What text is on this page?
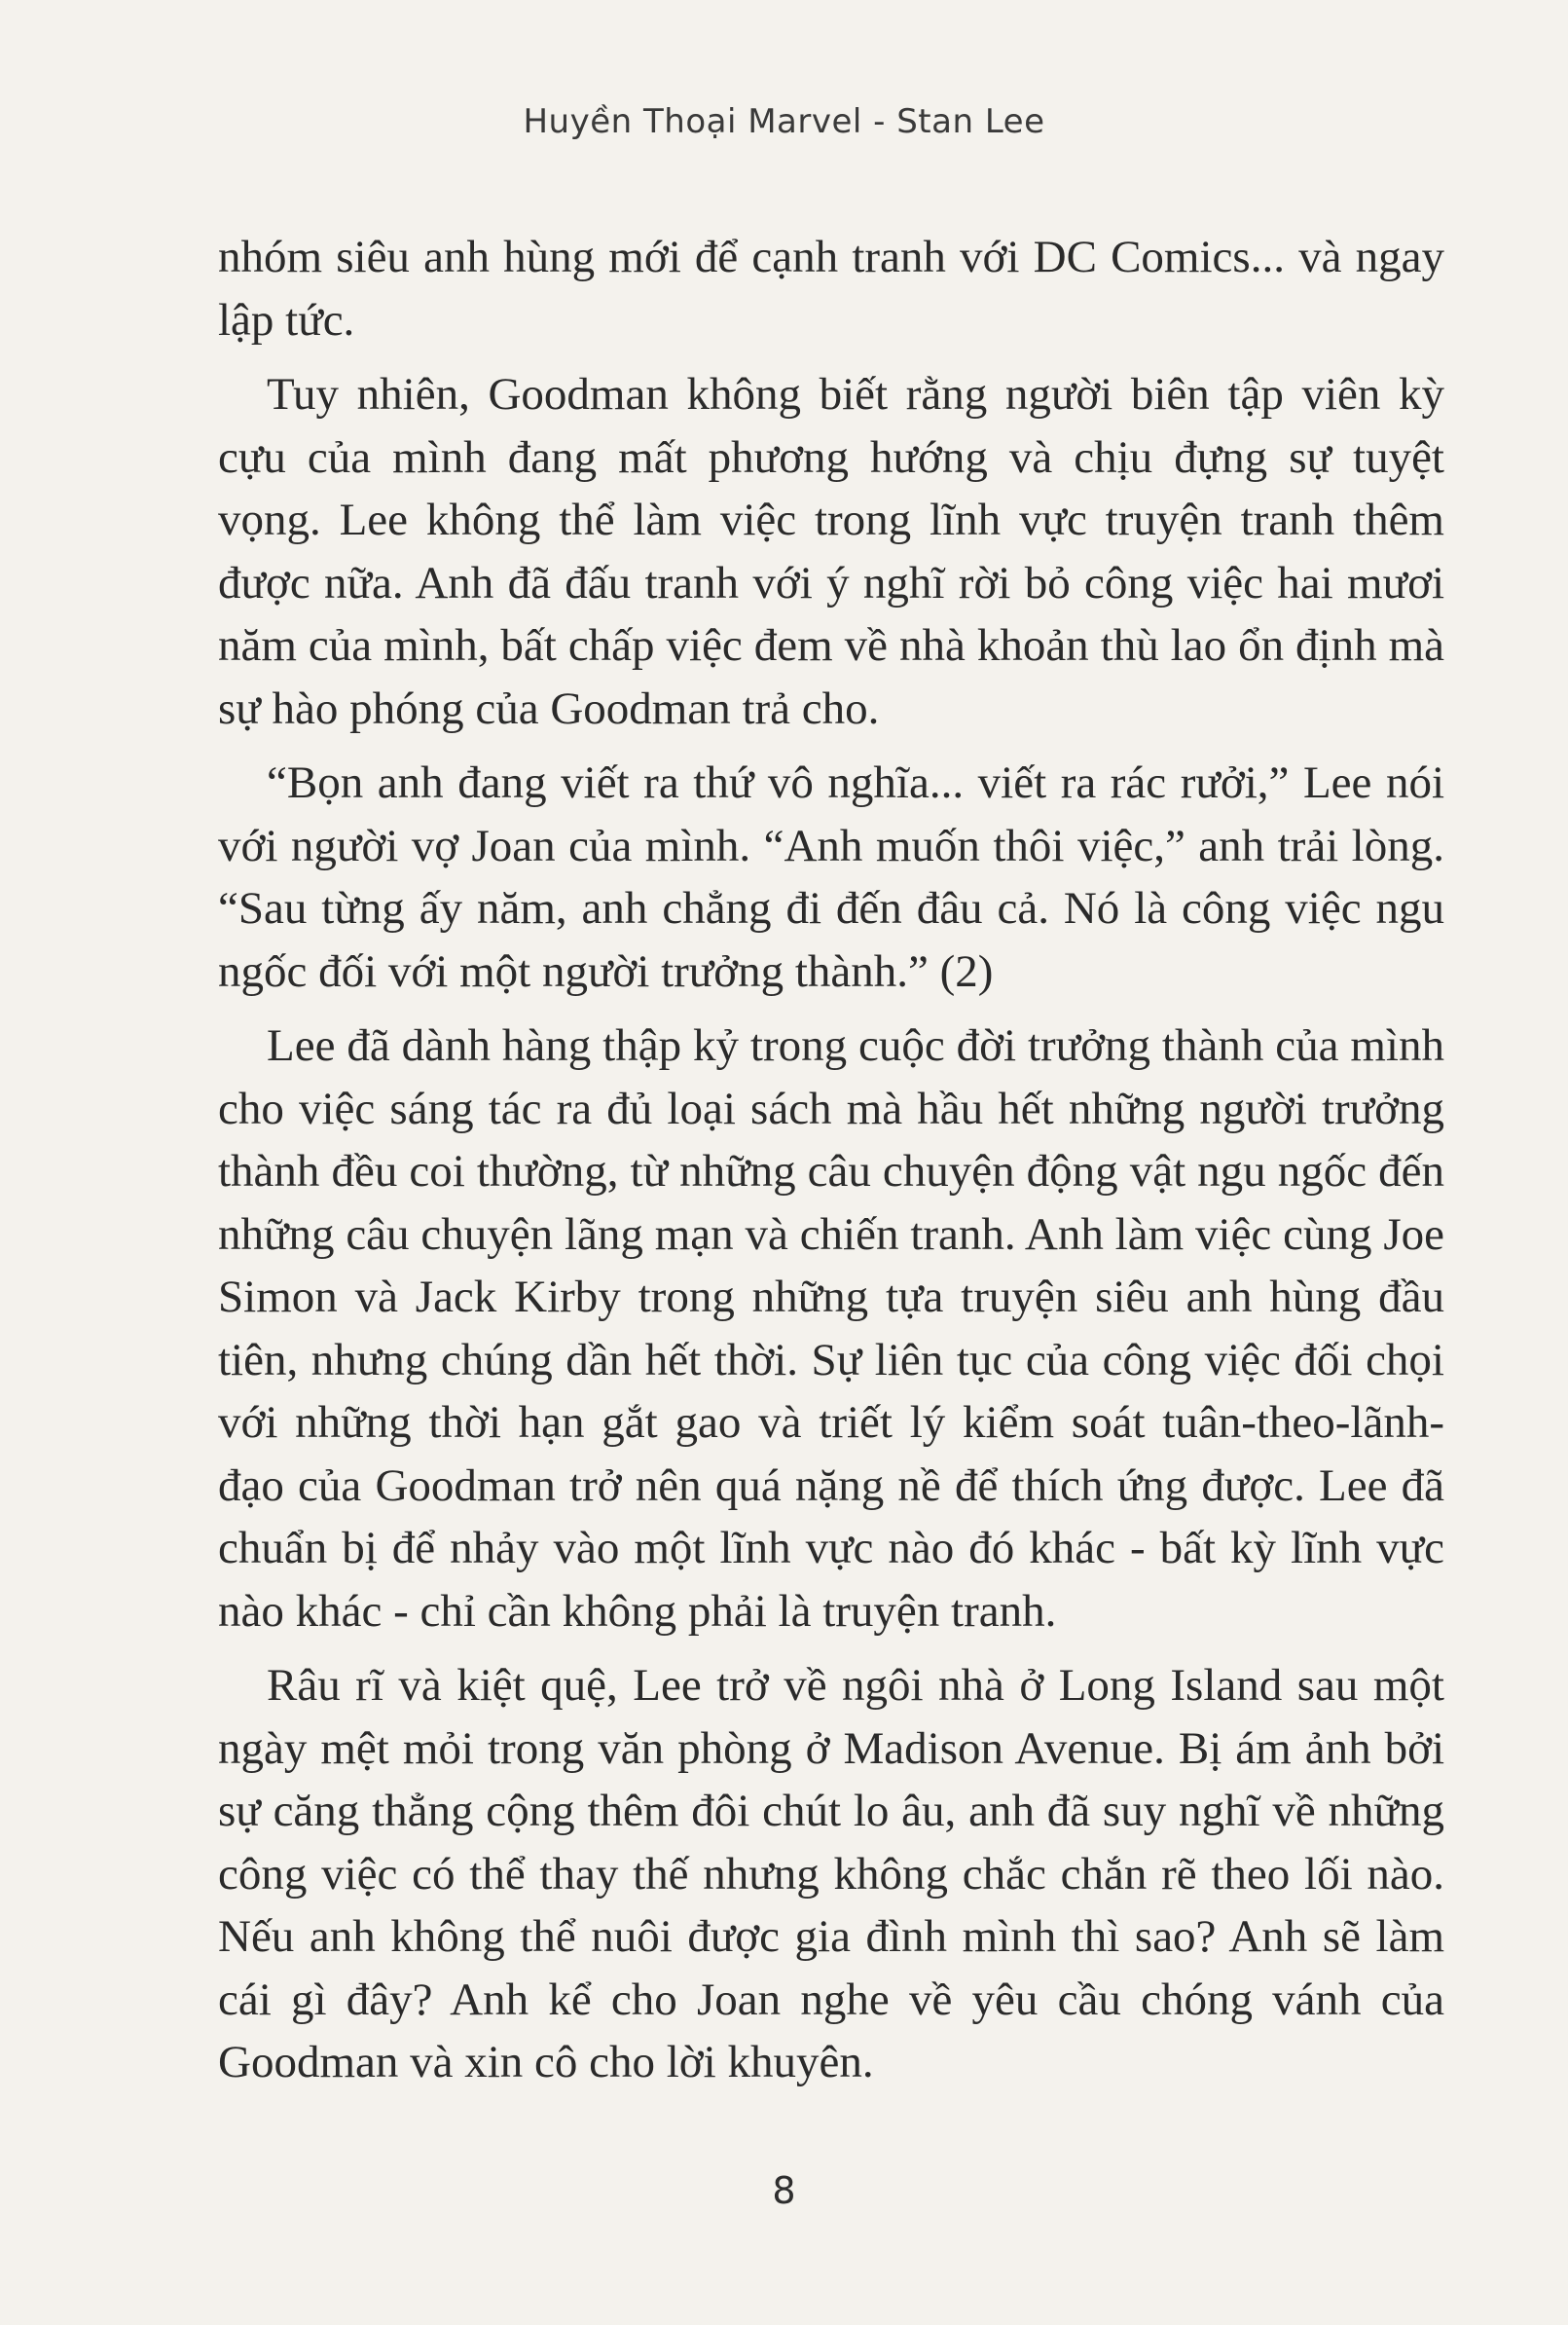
Huyền Thoại Marvel - Stan Lee

nhóm siêu anh hùng mới để cạnh tranh với DC Comics... và ngay lập tức.

Tuy nhiên, Goodman không biết rằng người biên tập viên kỳ cựu của mình đang mất phương hướng và chịu đựng sự tuyệt vọng. Lee không thể làm việc trong lĩnh vực truyện tranh thêm được nữa. Anh đã đấu tranh với ý nghĩ rời bỏ công việc hai mươi năm của mình, bất chấp việc đem về nhà khoản thù lao ổn định mà sự hào phóng của Goodman trả cho.

“Bọn anh đang viết ra thứ vô nghĩa... viết ra rác rưởi,” Lee nói với người vợ Joan của mình. “Anh muốn thôi việc,” anh trải lòng. “Sau từng ấy năm, anh chẳng đi đến đâu cả. Nó là công việc ngu ngốc đối với một người trưởng thành.” (2)

Lee đã dành hàng thập kỷ trong cuộc đời trưởng thành của mình cho việc sáng tác ra đủ loại sách mà hầu hết những người trưởng thành đều coi thường, từ những câu chuyện động vật ngu ngốc đến những câu chuyện lãng mạn và chiến tranh. Anh làm việc cùng Joe Simon và Jack Kirby trong những tựa truyện siêu anh hùng đầu tiên, nhưng chúng dần hết thời. Sự liên tục của công việc đối chọi với những thời hạn gắt gao và triết lý kiểm soát tuân-theo-lãnh-đạo của Goodman trở nên quá nặng nề để thích ứng được. Lee đã chuẩn bị để nhảy vào một lĩnh vực nào đó khác - bất kỳ lĩnh vực nào khác - chỉ cần không phải là truyện tranh.

Râu rĩ và kiệt quệ, Lee trở về ngôi nhà ở Long Island sau một ngày mệt mỏi trong văn phòng ở Madison Avenue. Bị ám ảnh bởi sự căng thẳng cộng thêm đôi chút lo âu, anh đã suy nghĩ về những công việc có thể thay thế nhưng không chắc chắn rẽ theo lối nào. Nếu anh không thể nuôi được gia đình mình thì sao? Anh sẽ làm cái gì đây? Anh kể cho Joan nghe về yêu cầu chóng vánh của Goodman và xin cô cho lời khuyên.

8
